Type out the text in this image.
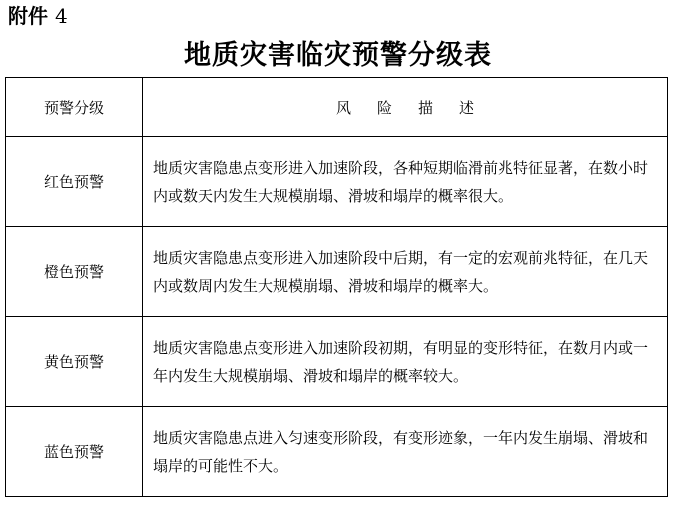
附件 4
地质灾害临灾预警分级表
预警分级	风险描述
红色预警	地质灾害隐患点变形进入加速阶段，各种短期临滑前兆特征显著，在数小时内或数天内发生大规模崩塌、滑坡和塌岸的概率很大。
橙色预警	地质灾害隐患点变形进入加速阶段中后期，有一定的宏观前兆特征，在几天内或数周内发生大规模崩塌、滑坡和塌岸的概率大。
黄色预警	地质灾害隐患点变形进入加速阶段初期，有明显的变形特征，在数月内或一年内发生大规模崩塌、滑坡和塌岸的概率较大。
蓝色预警	地质灾害隐患点进入匀速变形阶段，有变形迹象，一年内发生崩塌、滑坡和塌岸的可能性不大。
